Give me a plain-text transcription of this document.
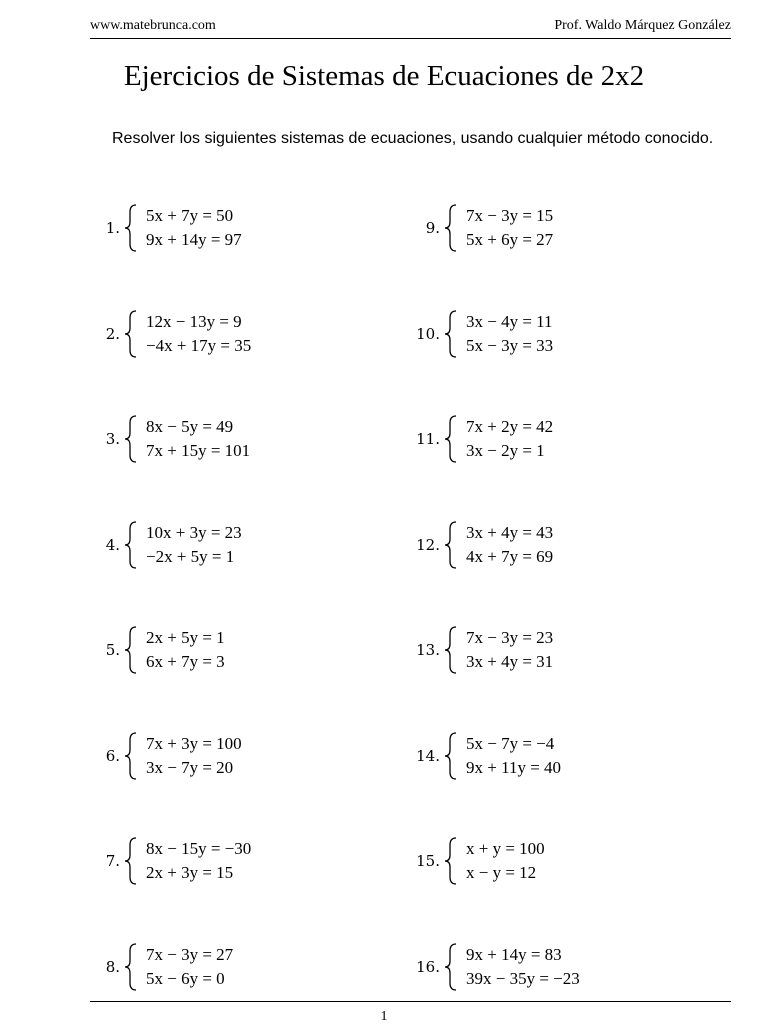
www.matebrunca.com	Prof. Waldo Márquez González
Ejercicios de Sistemas de Ecuaciones de 2x2
Resolver los siguientes sistemas de ecuaciones, usando cualquier método conocido.
1.
5x + 7y = 50
9x + 14y = 97
2.
12x − 13y = 9
−4x + 17y = 35
3.
8x − 5y = 49
7x + 15y = 101
4.
10x + 3y = 23
−2x + 5y = 1
5.
2x + 5y = 1
6x + 7y = 3
6.
7x + 3y = 100
3x − 7y = 20
7.
8x − 15y = −30
2x + 3y = 15
8.
7x − 3y = 27
5x − 6y = 0
9.
7x − 3y = 15
5x + 6y = 27
10.
3x − 4y = 11
5x − 3y = 33
11.
7x + 2y = 42
3x − 2y = 1
12.
3x + 4y = 43
4x + 7y = 69
13.
7x − 3y = 23
3x + 4y = 31
14.
5x − 7y = −4
9x + 11y = 40
15.
x + y = 100
x − y = 12
16.
9x + 14y = 83
39x − 35y = −23
1
